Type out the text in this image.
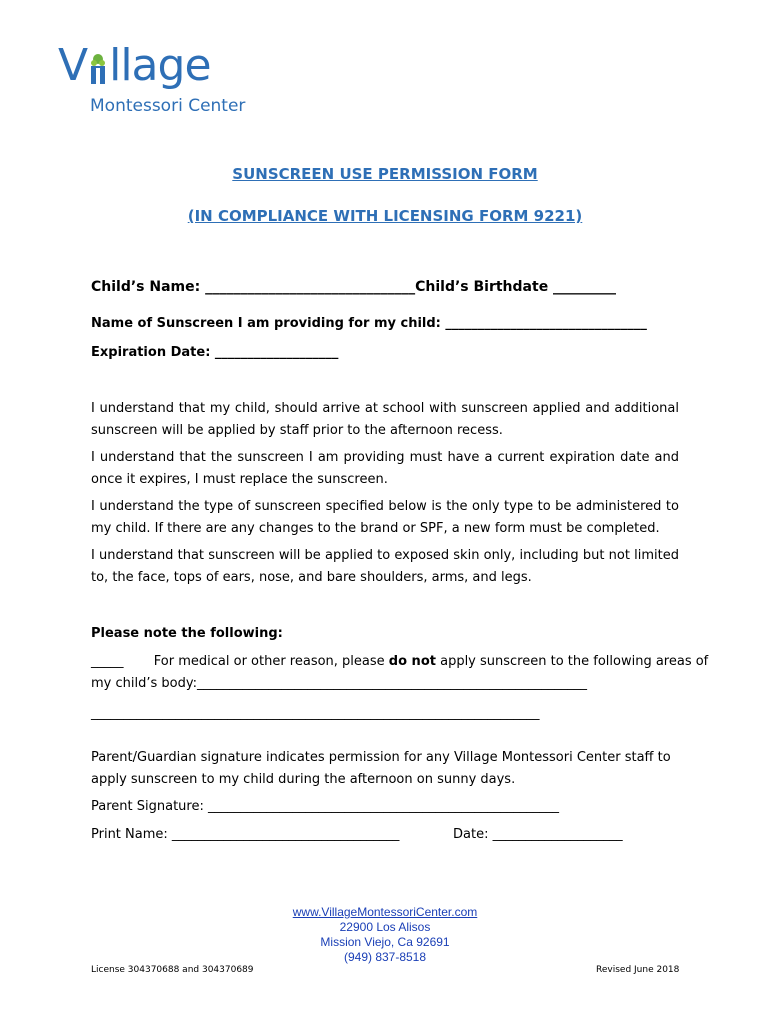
V llage
Montessori Center
SUNSCREEN USE PERMISSION FORM
(IN COMPLIANCE WITH LICENSING FORM 9221)
Child’s Name: ______________________________Child’s Birthdate _________
Name of Sunscreen I am providing for my child: _______________________________
Expiration Date: ___________________
I understand that my child, should arrive at school with sunscreen applied and additional sunscreen will be applied by staff prior to the afternoon recess.
I understand that the sunscreen I am providing must have a current expiration date and once it expires, I must replace the sunscreen.
I understand the type of sunscreen specified below is the only type to be administered to my child. If there are any changes to the brand or SPF, a new form must be completed.
I understand that sunscreen will be applied to exposed skin only, including but not limited to, the face, tops of ears, nose, and bare shoulders, arms, and legs.
Please note the following:
_____ For medical or other reason, please do not apply sunscreen to the following areas of
my child’s body:____________________________________________________________
_____________________________________________________________________
Parent/Guardian signature indicates permission for any Village Montessori Center staff to apply sunscreen to my child during the afternoon on sunny days.
Parent Signature: ______________________________________________________
Print Name: ___________________________________	Date: ____________________
www.VillageMontessoriCenter.com
22900 Los Alisos
Mission Viejo, Ca 92691
(949) 837-8518
License 304370688 and 304370689	Revised June 2018
